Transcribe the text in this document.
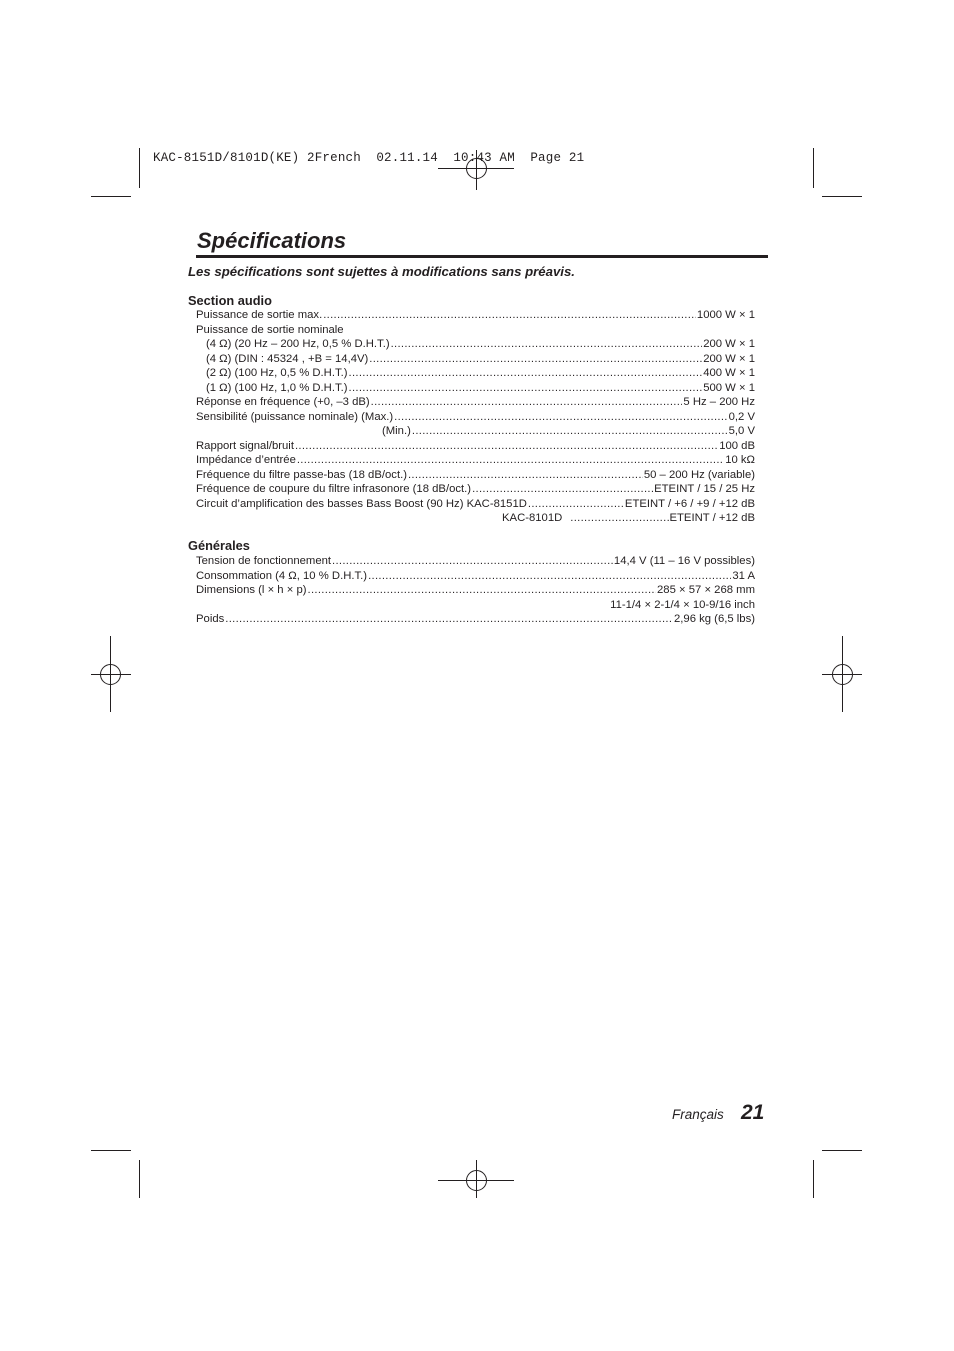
KAC-8151D/8101D(KE) 2French  02.11.14  10:43 AM  Page 21
Spécifications

Les spécifications sont sujettes à modifications sans préavis.

Section audio
Puissance de sortie max. .....	1000 W × 1
Puissance de sortie nominale
(4 Ω) (20 Hz – 200 Hz, 0,5 % D.H.T.) .....	200 W × 1
(4 Ω) (DIN : 45324 , +B = 14,4V) .....	200 W × 1
(2 Ω) (100 Hz, 0,5 % D.H.T.) .....	400 W × 1
(1 Ω) (100 Hz, 1,0 % D.H.T.) .....	500 W × 1
Réponse en fréquence (+0, –3 dB) .....	5 Hz – 200 Hz
Sensibilité (puissance nominale) (Max.) .....	0,2 V
(Min.) .....	5,0 V
Rapport signal/bruit .....	100 dB
Impédance d’entrée .....	10 kΩ
Fréquence du filtre passe-bas (18 dB/oct.) .....	50 – 200 Hz (variable)
Fréquence de coupure du filtre infrasonore (18 dB/oct.) .....	ETEINT / 15 / 25 Hz
Circuit d’amplification des basses Bass Boost (90 Hz) KAC-8151D .....	ETEINT / +6 / +9 / +12 dB
KAC-8101D .....	ETEINT / +12 dB
Générales
Tension de fonctionnement .....	14,4 V (11 – 16 V possibles)
Consommation (4 Ω, 10 % D.H.T.) .....	31 A
Dimensions (l × h × p) .....	285 × 57 × 268 mm
11-1/4 × 2-1/4 × 10-9/16 inch
Poids .....	2,96 kg (6,5 lbs)
Français 21
